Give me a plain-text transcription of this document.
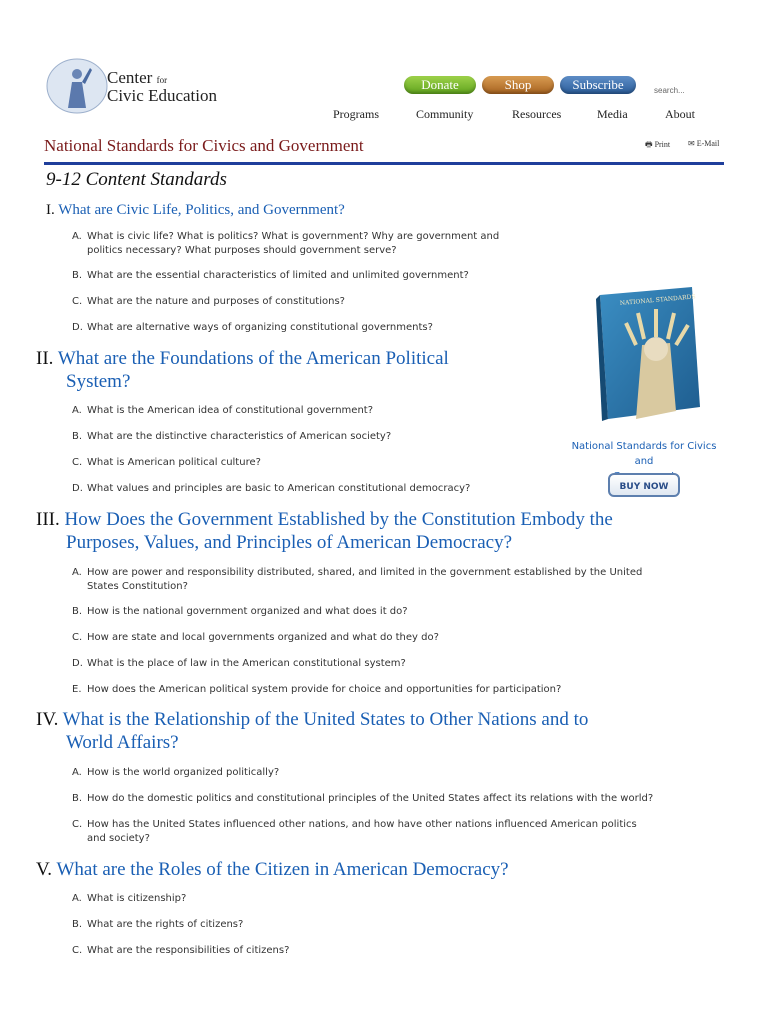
Center for
Civic Education
Donate	Shop	Subscribe	search...
Programs	Community	Resources	Media	About
National Standards for Civics and Government	🖶 Print ✉ E-Mail
9-12 Content Standards
I. What are Civic Life, Politics, and Government?
A. What is civic life? What is politics? What is government? Why are government and
politics necessary? What purposes should government serve?
B. What are the essential characteristics of limited and unlimited government?
C. What are the nature and purposes of constitutions?
D. What are alternative ways of organizing constitutional governments?
II. What are the Foundations of the American Political
System?
A. What is the American idea of constitutional government?
B. What are the distinctive characteristics of American society?
C. What is American political culture?
D. What values and principles are basic to American constitutional democracy?
III. How Does the Government Established by the Constitution Embody the
Purposes, Values, and Principles of American Democracy?
A. How are power and responsibility distributed, shared, and limited in the government established by the United
States Constitution?
B. How is the national government organized and what does it do?
C. How are state and local governments organized and what do they do?
D. What is the place of law in the American constitutional system?
E. How does the American political system provide for choice and opportunities for participation?
IV. What is the Relationship of the United States to Other Nations and to
World Affairs?
A. How is the world organized politically?
B. How do the domestic politics and constitutional principles of the United States affect its relations with the world?
C. How has the United States influenced other nations, and how have other nations influenced American politics
and society?
V. What are the Roles of the Citizen in American Democracy?
A. What is citizenship?
B. What are the rights of citizens?
C. What are the responsibilities of citizens?
NATIONAL STANDARDS
National Standards for Civics and

BUY NOW
